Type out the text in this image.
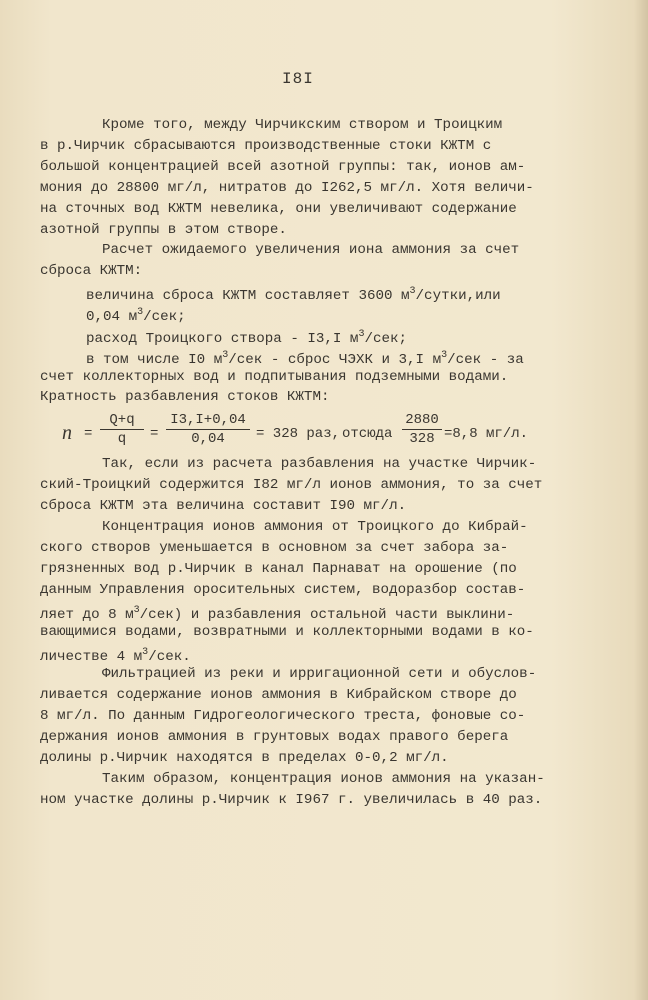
I8I
Кроме того, между Чирчикским створом и Троицким
в р.Чирчик сбрасываются производственные стоки КЖТМ с
большой концентрацией всей азотной группы: так, ионов ам-
мония до 28800 мг/л, нитратов до I262,5 мг/л. Хотя величи-
на сточных вод КЖТМ невелика, они увеличивают содержание
азотной группы в этом створе.
Расчет ожидаемого увеличения иона аммония за счет
сброса КЖТМ:
величина сброса КЖТМ составляет 3600 $м^3/сутки,или$
0,04 $м^3$/сек;
расход Троицкого створа - I3,I $м^3$/сек;
в том числе I0 $м^3$/сек - сброс ЧЭХК и 3,I $м^3$/сек - за
счет коллекторных вод и подпитывания подземными водами.
Кратность разбавления стоков КЖТМ:
$n = \frac{Q+q}{q} = \frac{I3,I+0,04}{0,04} = 328$ раз, отсюда $\frac{2880}{328} =8,8$ мг/л.
Так, если из расчета разбавления на участке Чирчик-
ский-Троицкий содержится I82 мг/л ионов аммония, то за счет
сброса КЖТМ эта величина составит I90 мг/л.
Концентрация ионов аммония от Троицкого до Кибрай-
ского створов уменьшается в основном за счет забора за-
грязненных вод р.Чирчик в канал Парнават на орошение (по
данным Управления оросительных систем, водоразбор состав-
ляет до 8 $м^3/сек$) и разбавления остальной части выклини-
вающимися водами, возвратными и коллекторными водами в ко-
личестве 4 $м^3$/сек.
Фильтрацией из реки и ирригационной сети и обуслов-
ливается содержание ионов аммония в Кибрайском створе до
8 мг/л. По данным Гидрогеологического треста, фоновые со-
держания ионов аммония в грунтовых водах правого берега
долины р.Чирчик находятся в пределах 0-0,2 мг/л.
Таким образом, концентрация ионов аммония на указан-
ном участке долины р.Чирчик к I967 г. увеличилась в 40 раз.
